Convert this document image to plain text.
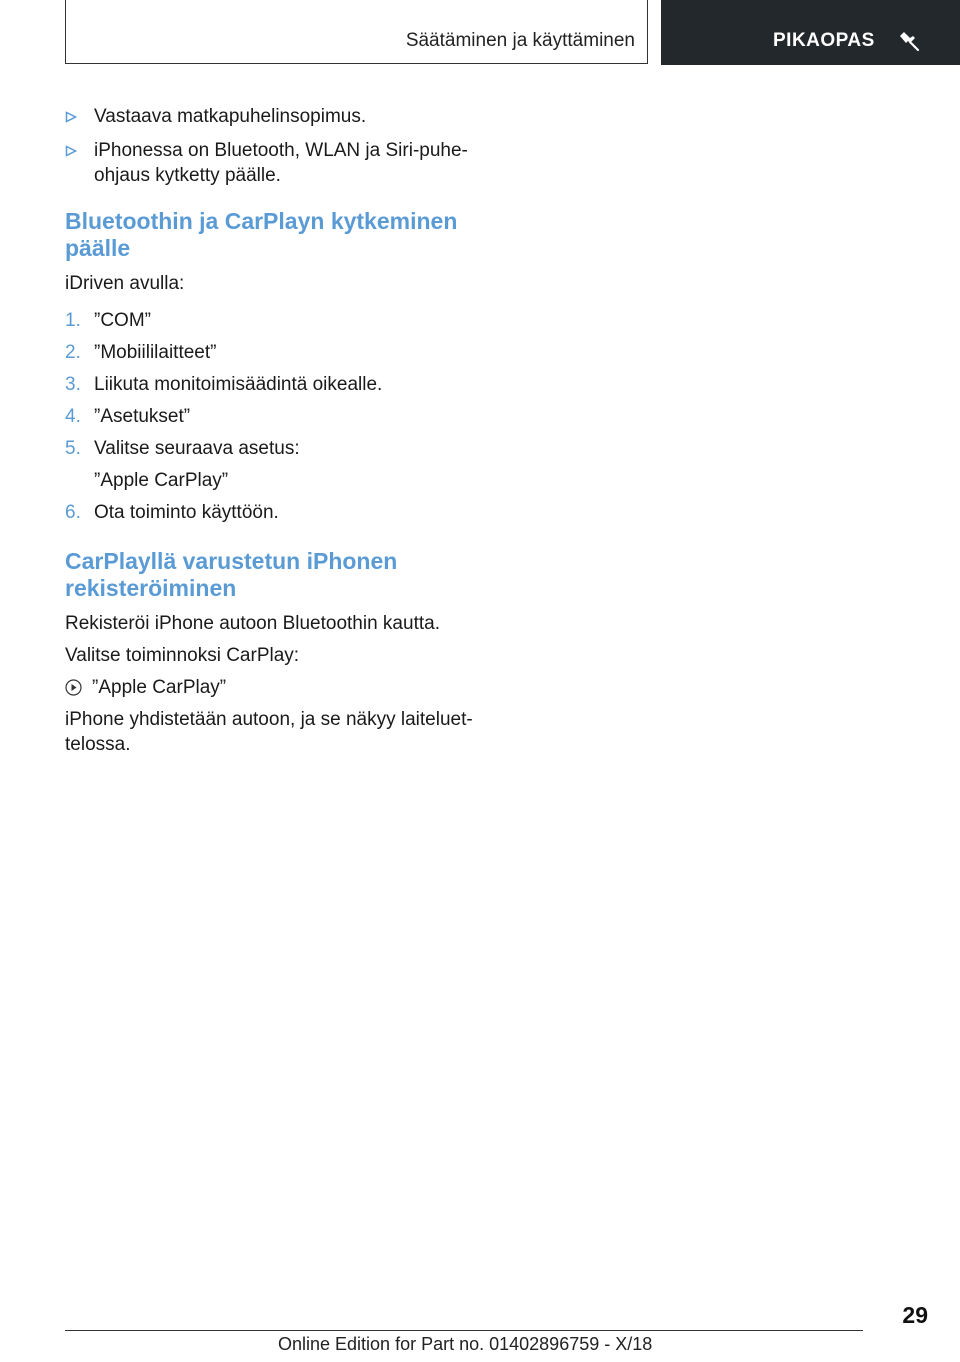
Säätäminen ja käyttäminen	PIKAOPAS
Vastaava matkapuhelinsopimus.
iPhonessa on Bluetooth, WLAN ja Siri-puhe-ohjaus kytketty päälle.
Bluetoothin ja CarPlayn kytkeminen päälle
iDriven avulla:
1. ”COM”
2. ”Mobiililaitteet”
3. Liikuta monitoimisäädintä oikealle.
4. ”Asetukset”
5. Valitse seuraava asetus:
”Apple CarPlay”
6. Ota toiminto käyttöön.
CarPlayllä varustetun iPhonen rekisteröiminen
Rekisteröi iPhone autoon Bluetoothin kautta.
Valitse toiminnoksi CarPlay:
”Apple CarPlay”
iPhone yhdistetään autoon, ja se näkyy laiteluet-telossa.
29
Online Edition for Part no. 01402896759 - X/18
